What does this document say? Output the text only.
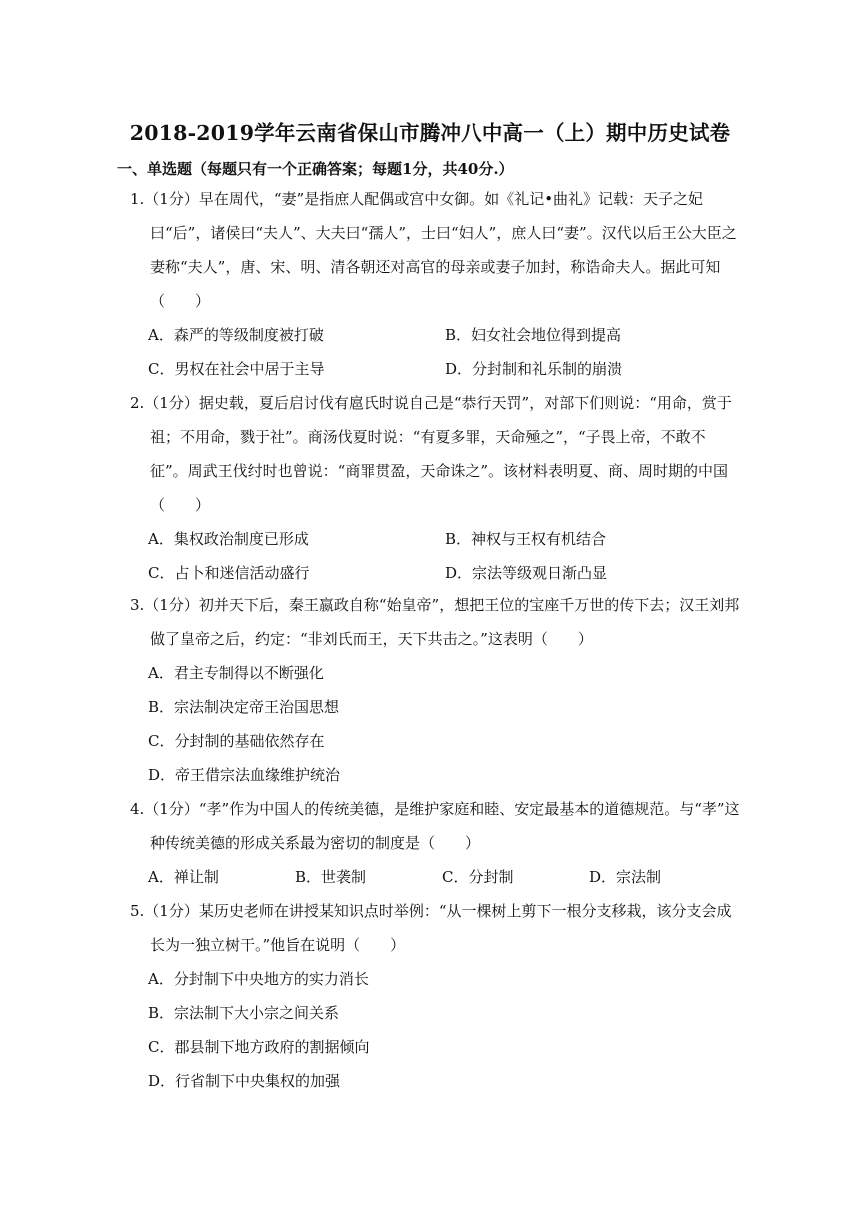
2018-2019学年云南省保山市腾冲八中高一（上）期中历史试卷
一、单选题（每题只有一个正确答案；每题1分，共40分.）
1.（1分）早在周代，“妻”是指庶人配偶或宫中女御。如《礼记•曲礼》记载：天子之妃曰“后”，诸侯曰“夫人”、大夫曰“孺人”，士曰“妇人”，庶人曰“妻”。汉代以后王公大臣之妻称“夫人”，唐、宋、明、清各朝还对高官的母亲或妻子加封，称诰命夫人。据此可知（　　）
A．森严的等级制度被打破	B．妇女社会地位得到提高
C．男权在社会中居于主导	D．分封制和礼乐制的崩溃
2.（1分）据史载，夏后启讨伐有扈氏时说自己是“恭行天罚”，对部下们则说：“用命，赏于祖；不用命，戮于社”。商汤伐夏时说：“有夏多罪，天命殛之”，“子畏上帝，不敢不征”。周武王伐纣时也曾说：“商罪贯盈，天命诛之”。该材料表明夏、商、周时期的中国（　　）
A．集权政治制度已形成	B．神权与王权有机结合
C．占卜和迷信活动盛行	D．宗法等级观日渐凸显
3.（1分）初并天下后，秦王嬴政自称“始皇帝”，想把王位的宝座千万世的传下去；汉王刘邦做了皇帝之后，约定：“非刘氏而王，天下共击之。”这表明（　　）
A．君主专制得以不断强化
B．宗法制决定帝王治国思想
C．分封制的基础依然存在
D．帝王借宗法血缘维护统治
4.（1分）“孝”作为中国人的传统美德，是维护家庭和睦、安定最基本的道德规范。与“孝”这种传统美德的形成关系最为密切的制度是（　　）
A．禅让制	B．世袭制	C．分封制	D．宗法制
5.（1分）某历史老师在讲授某知识点时举例：“从一棵树上剪下一根分支移栽，该分支会成长为一独立树干。”他旨在说明（　　）
A．分封制下中央地方的实力消长
B．宗法制下大小宗之间关系
C．郡县制下地方政府的割据倾向
D．行省制下中央集权的加强
